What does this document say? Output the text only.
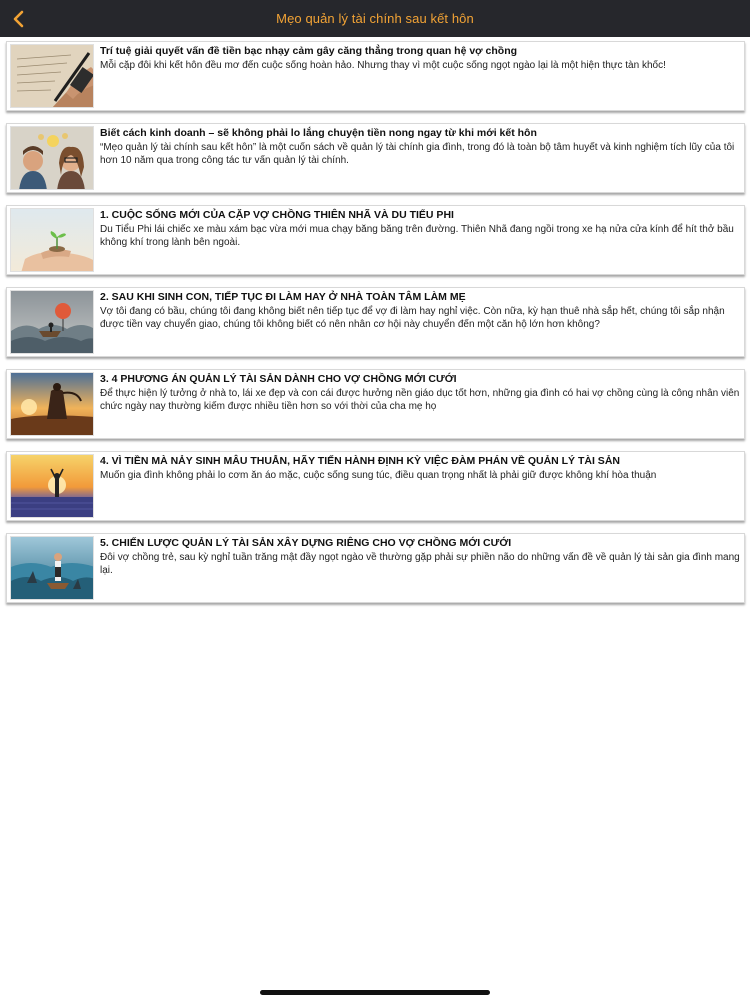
Mẹo quản lý tài chính sau kết hôn
Trí tuệ giải quyết vấn đề tiền bạc nhạy cảm gây căng thẳng trong quan hệ vợ chồng
Mỗi cặp đôi khi kết hôn đều mơ đến cuộc sống hoàn hảo. Nhưng thay vì một cuộc sống ngọt ngào lại là một hiện thực tàn khốc!
Biết cách kinh doanh – sẽ không phải lo lắng chuyện tiền nong ngay từ khi mới kết hôn
“Mẹo quản lý tài chính sau kết hôn” là một cuốn sách về quản lý tài chính gia đình, trong đó là toàn bộ tâm huyết và kinh nghiệm tích lũy của tôi hơn 10 năm qua trong công tác tư vấn quản lý tài chính.
1. CUỘC SỐNG MỚI CỦA CẶP VỢ CHỒNG THIÊN NHÃ VÀ DU TIỂU PHI
Du Tiểu Phi lái chiếc xe màu xám bạc vừa mới mua chạy băng băng trên đường. Thiên Nhã đang ngồi trong xe hạ nửa cửa kính để hít thở bầu không khí trong lành bên ngoài.
2. SAU KHI SINH CON, TIẾP TỤC ĐI LÀM HAY Ở NHÀ TOÀN TÂM LÀM MẸ
Vợ tôi đang có bầu, chúng tôi đang không biết nên tiếp tục để vợ đi làm hay nghỉ việc. Còn nữa, kỳ hạn thuê nhà sắp hết, chúng tôi sắp nhận được tiền vay chuyển giao, chúng tôi không biết có nên nhân cơ hội này chuyển đến một căn hộ lớn hơn không?
3. 4 PHƯƠNG ÁN QUẢN LÝ TÀI SẢN DÀNH CHO VỢ CHỒNG MỚI CƯỚI
Để thực hiện lý tưởng ở nhà to, lái xe đẹp và con cái được hưởng nền giáo dục tốt hơn, những gia đình có hai vợ chồng cùng là công nhân viên chức ngày nay thường kiếm được nhiều tiền hơn so với thời của cha mẹ họ
4. VÌ TIỀN MÀ NẢY SINH MÂU THUẪN, HÃY TIẾN HÀNH ĐỊNH KỲ VIỆC ĐÀM PHÁN VỀ QUẢN LÝ TÀI SẢN
Muốn gia đình không phải lo cơm ăn áo mặc, cuộc sống sung túc, điều quan trọng nhất là phải giữ được không khí hòa thuận
5. CHIẾN LƯỢC QUẢN LÝ TÀI SẢN XÂY DỰNG RIÊNG CHO VỢ CHỒNG MỚI CƯỚI
Đôi vợ chồng trẻ, sau kỳ nghỉ tuần trăng mật đầy ngọt ngào về thường gặp phải sự phiền não do những vấn đề về quản lý tài sản gia đình mang lại.
